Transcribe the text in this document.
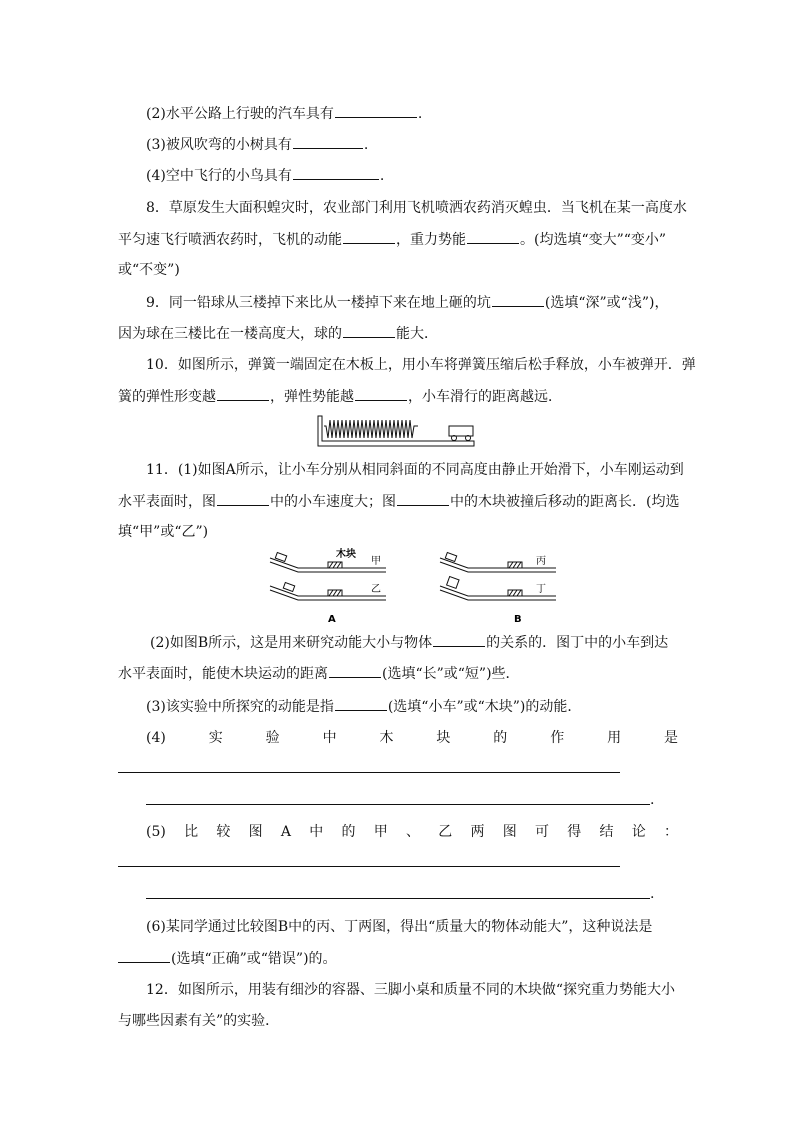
(2)水平公路上行驶的汽车具有	.
(3)被风吹弯的小树具有	.
(4)空中飞行的小鸟具有	.
8．草原发生大面积蝗灾时，农业部门利用飞机喷洒农药消灭蝗虫．当飞机在某一高度水
平匀速飞行喷洒农药时，飞机的动能	，重力势能	。(均选填“变大”“变小”
或“不变”)
9．同一铅球从三楼掉下来比从一楼掉下来在地上砸的坑	(选填“深”或“浅”)，
因为球在三楼比在一楼高度大，球的	能大．
10．如图所示，弹簧一端固定在木板上，用小车将弹簧压缩后松手释放，小车被弹开．弹
簧的弹性形变越	，弹性势能越	，小车滑行的距离越远．
11．(1)如图A所示，让小车分别从相同斜面的不同高度由静止开始滑下，小车刚运动到
水平表面时，图	中的小车速度大；图	中的木块被撞后移动的距离长．(均选
填“甲”或“乙”)
木块
甲
乙
A
丙
丁
B
(2)如图B所示，这是用来研究动能大小与物体	的关系的．图丁中的小车到达
水平表面时，能使木块运动的距离	(选填“长”或“短”)些．
(3)该实验中所探究的动能是指	(选填“小车”或“木块”)的动能．
(4)	实	验	中	木	块	的	作	用	是
.
(5) 比 较 图 A 中 的 甲 、 乙 两 图 可 得 结 论 ：
.
(6)某同学通过比较图B中的丙、丁两图，得出“质量大的物体动能大”，这种说法是
(选填“正确”或“错误”)的。
12．如图所示，用装有细沙的容器、三脚小桌和质量不同的木块做“探究重力势能大小
与哪些因素有关”的实验．
